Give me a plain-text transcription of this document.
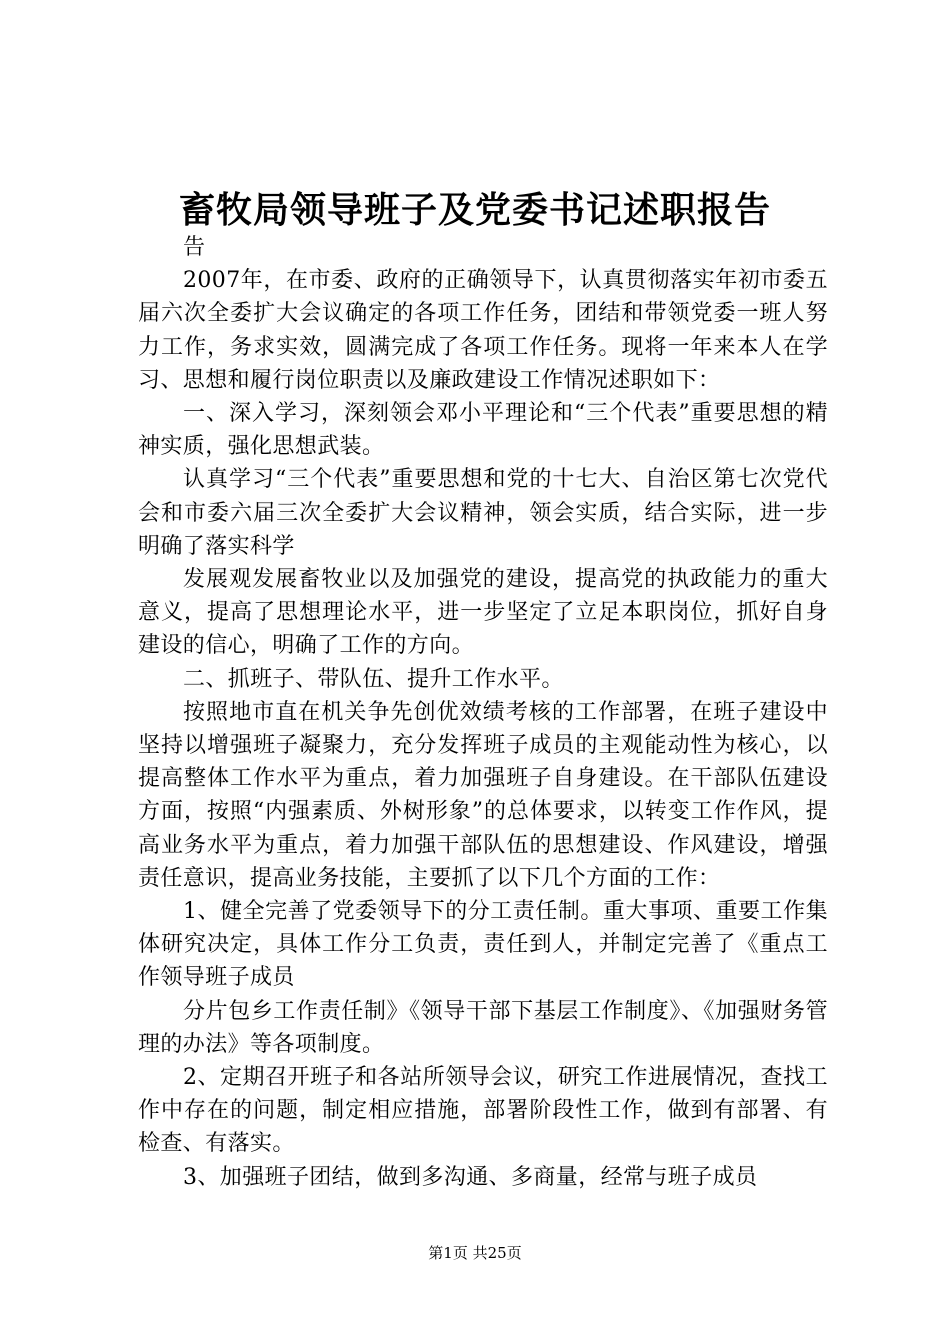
畜牧局领导班子及党委书记述职报告

告

2007年，在市委、政府的正确领导下，认真贯彻落实年初市委五届六次全委扩大会议确定的各项工作任务，团结和带领党委一班人努力工作，务求实效，圆满完成了各项工作任务。现将一年来本人在学习、思想和履行岗位职责以及廉政建设工作情况述职如下：

一、深入学习，深刻领会邓小平理论和“三个代表”重要思想的精神实质，强化思想武装。

认真学习“三个代表”重要思想和党的十七大、自治区第七次党代会和市委六届三次全委扩大会议精神，领会实质，结合实际，进一步明确了落实科学

发展观发展畜牧业以及加强党的建设，提高党的执政能力的重大意义，提高了思想理论水平，进一步坚定了立足本职岗位，抓好自身建设的信心，明确了工作的方向。

二、抓班子、带队伍、提升工作水平。

按照地市直在机关争先创优效绩考核的工作部署，在班子建设中坚持以增强班子凝聚力，充分发挥班子成员的主观能动性为核心，以提高整体工作水平为重点，着力加强班子自身建设。在干部队伍建设方面，按照“内强素质、外树形象”的总体要求，以转变工作作风，提高业务水平为重点，着力加强干部队伍的思想建设、作风建设，增强责任意识，提高业务技能，主要抓了以下几个方面的工作：

1、健全完善了党委领导下的分工责任制。重大事项、重要工作集体研究决定，具体工作分工负责，责任到人，并制定完善了《重点工作领导班子成员

分片包乡工作责任制》《领导干部下基层工作制度》、《加强财务管理的办法》等各项制度。

2、定期召开班子和各站所领导会议，研究工作进展情况，查找工作中存在的问题，制定相应措施，部署阶段性工作，做到有部署、有检查、有落实。

3、加强班子团结，做到多沟通、多商量，经常与班子成员

第1页 共25页
